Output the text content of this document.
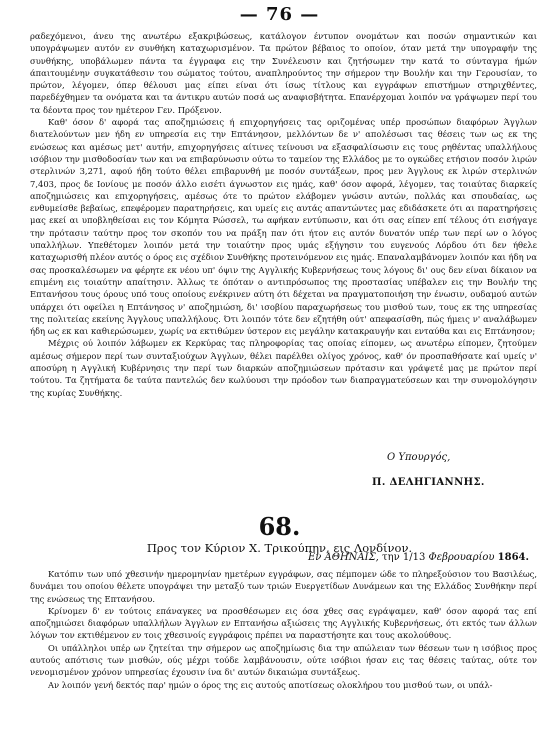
— 76 —

ραδεχόμενοι, άνευ της ανωτέρω εξακριβώσεως, κατάλογον έντυπον ονομάτων και ποσών σημαντικών και υπογράψωμεν αυτόν εν συνθήκη καταχωρισμένον. Τα πρώτον βέβαιος το οποίον, όταν μετά την υπογραφήν της συνθήκης, υποβάλωμεν πάντα τα έγγραφα εις την Συνέλευσιν και ζητήσωμεν την κατά το σύνταγμα ήμών άπαιτουμένην συγκατάθεσιν του σώματος τούτου, αναπληρούντος την σήμερον την Βουλήν και την Γερουσίαν, το πρώτον, λέγομεν, όπερ θέλουσι μας είπει είναι ότι ίσως τίτλους και εγγράφων επιστήμων στηριχθέντες, παρεδέχθημεν τα ονόματα και τα άντικρυ αυτών ποσά ως αναφισβήτητα. Επανέρχομαι λοιπόν να γράψωμεν περί του τα δέοντα προς τον ημέτερον Γεν. Πρόξενον.

Καθ' όσον δ' αφορά τας αποζημιώσεις ή επιχορηγήσεις τας οριζομένας υπέρ προσώπων διαφόρων Άγγλων διατελούντων μεν ήδη εν υπηρεσία εις την Επτάνησον, μελλόντων δε ν' απολέσωσι τας θέσεις των ως εκ της ενώσεως και αμέσως μετ' αυτήν, επιχορηγήσεις αίτινες τείνουσι να εξασφαλίσωσιν εις τους ρηθέντας υπαλλήλους ισόβιον την μισθοδοσίαν των και να επιβαρύνωσιν ούτω το ταμείον της Ελλάδος με το ογκώδες ετήσιον ποσόν λιρών στερλινών 3,271, αφού ήδη τούτο θέλει επιβαρυνθή με ποσόν συντάξεων, προς μεν Άγγλους εκ λιρών στερλινών 7,403, προς δε Ιονίους με ποσόν άλλο εισέτι άγνωστον εις ημάς, καθ' όσον αφορά, λέγομεν, τας τοιαύτας διαρκείς αποζημιώσεις και επιχορηγήσεις, αμέσως ότε το πρώτον ελάβομεν γνώσιν αυτών, πολλάς και σπουδαίας, ως ενθυμείσθε βεβαίως, επεφέρομεν παρατηρήσεις, και υμείς εις αυτάς απαντώντες μας εδιδάσκετε ότι αι παρατηρήσεις μας εκεί αι υποβληθείσαι εις τον Κόμητα Ρώσσελ, τω αφήκαν εντύπωσιν, και ότι σας είπεν επί τέλους ότι εισήγαγε την πρότασιν ταύτην προς τον σκοπόν του να πράξη παν ότι ήτον εις αυτόν δυνατόν υπέρ των περί ων ο λόγος υπαλλήλων. Υπεθέτομεν λοιπόν μετά την τοιαύτην προς υμάς εξήγησιν του ευγενούς Λόρδου ότι δεν ήθελε καταχωρισθή πλέον αυτός ο όρος εις σχέδιον Συνθήκης προτεινόμενον εις ημάς. Επαναλαμβάνομεν λοιπόν και ήδη να σας προσκαλέσωμεν να φέρητε εκ νέου υπ' όψιν της Αγγλικής Κυβερνήσεως τους λόγους δι' ους δεν είναι δίκαιον να επιμένη εις τοιαύτην απαίτησιν. Άλλως τε όπόταν ο αντιπρόσωπος της προστασίας υπέβαλεν εις την Βουλήν της Επτανήσου τους όρους υπό τους οποίους ενέκρινεν αύτη ότι δέχεται να πραγματοποιήση την ένωσιν, ουδαμού αυτών υπάρχει ότι οφείλει η Επτάνησος ν' αποζημιώση, δι' ισοβίου παραχωρήσεως του μισθού των, τους εκ της υπηρεσίας της πολιτείας εκείνης Άγγλους υπαλλήλους. Ότι λοιπόν τότε δεν εζητήθη ούτ' απεφασίσθη, πώς ήμεις ν' αναλάβωμεν ήδη ως εκ και καθιερώσωμεν, χωρίς να εκτιθώμεν ύστερον εις μεγάλην κατακραυγήν και ενταύθα και εις Επτάνησον;

Μέχρις ού λοιπόν λάβωμεν εκ Κερκύρας τας πληροφορίας τας οποίας είπομεν, ως ανωτέρω είπομεν, ζητούμεν αμέσως σήμερον περί των συνταξιούχων Άγγλων, θέλει παρέλθει ολίγος χρόνος, καθ' όν προσπαθήσατε καί υμείς ν' αποσύρη η Αγγλική Κυβέρνησις την περί των διαρκών αποζημιώσεων πρότασιν και γράψετέ μας με πρώτον περί τούτου. Τα ζητήματα δε ταύτα παντελώς δεν κωλύουσι την πρόοδον των διαπραγματεύσεων και την συνομολόγησιν της κυρίας Συνθήκης.

Ο Υπουργός,
Π. ΔΕΛΗΓΙΑΝΝΗΣ.
68.
Προς τον Κύριον Χ. Τρικούπην, εις Λονδίνον.
Εν ΑΘΗΝΑΙΣ, την 1/13 Φεβρουαρίου 1864.

Κατόπιν των υπό χθεσινήν ημερομηνίαν ημετέρων εγγράφων, σας πέμπομεν ώδε το πληρεξούσιον του Βασιλέως, δυνάμει του οποίου θέλετε υπογράψει την μεταξύ των τριών Ευεργετίδων Δυνάμεων και της Ελλάδος Συνθήκην περί της ενώσεως της Επτανήσου.

Κρίνομεν δ' εν τούτοις επάναγκες να προσθέσωμεν εις όσα χθες σας εγράψαμεν, καθ' όσον αφορά τας επί αποζημιώσει διαφόρων υπαλλήλων Άγγλων εν Επτανήσω αξιώσεις της Αγγλικής Κυβερνήσεως, ότι εκτός των άλλων λόγων τον εκτιθέμενον εν τοις χθεσινοίς εγγράφοις πρέπει να παραστήσητε και τους ακολούθους.

Οι υπάλληλοι υπέρ ων ζητείται την σήμερον ως αποζημίωσις δια την απώλειαν των θέσεων των η ισόβιος προς αυτούς απότισις των μισθών, ούς μέχρι τούδε λαμβάνουσιν, ούτε ισόβιοι ήσαν εις τας θέσεις ταύτας, ούτε τον νενομισμένον χρόνον υπηρεσίας έχουσιν ίνα δι' αυτών δικαιώμα συντάξεως.

Αν λοιπόν γενή δεκτός παρ' ημών ο όρος της εις αυτούς αποτίσεως ολοκλήρου του μισθού των, οι υπάλ-
